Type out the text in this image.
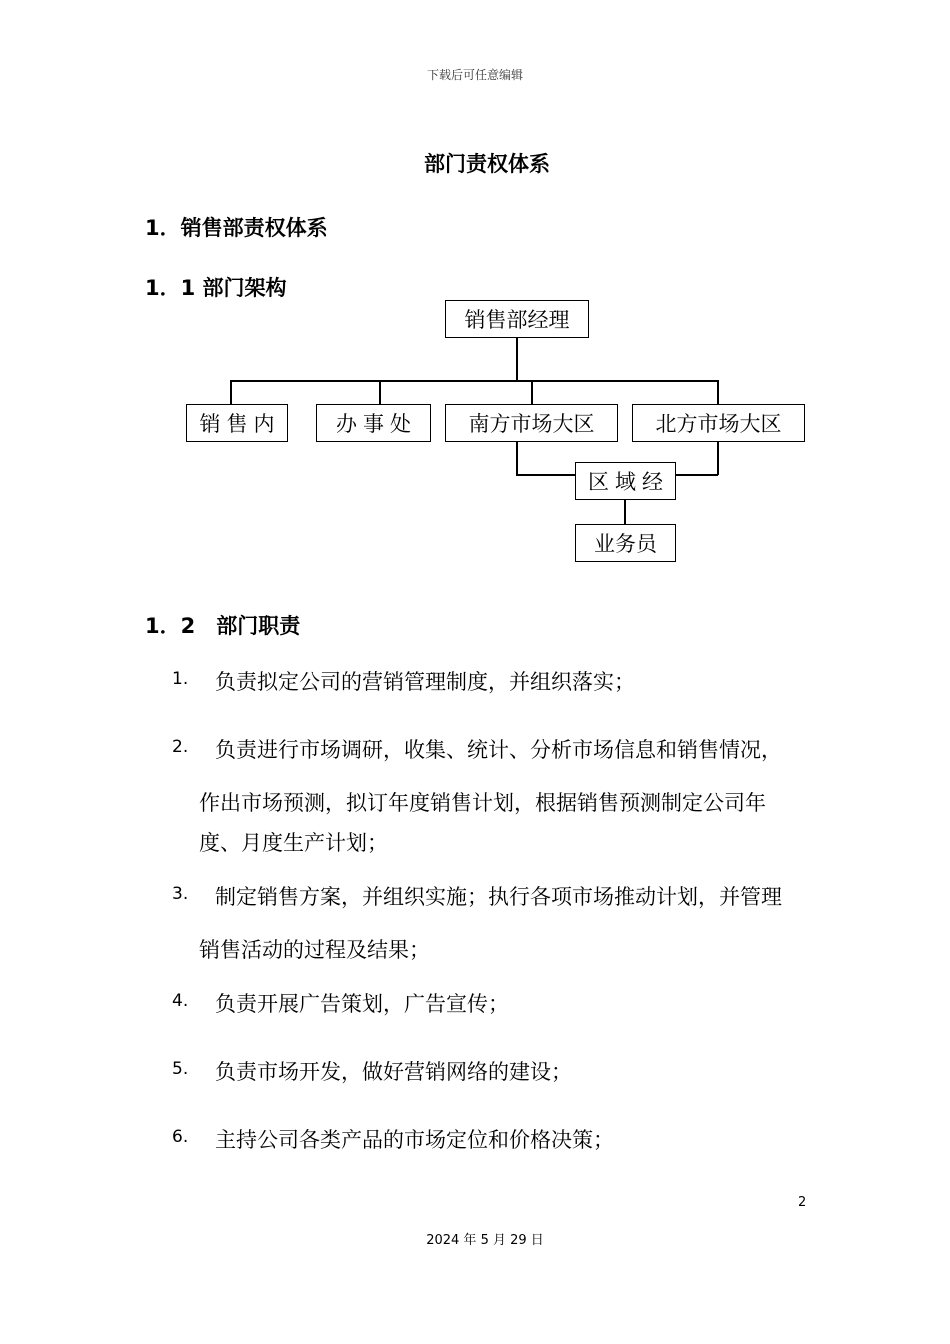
下载后可任意编辑
部门责权体系
1．销售部责权体系
1．1 部门架构
销售部经理
销售内	办事处	南方市场大区	北方市场大区
区域经
业务员
1．2　部门职责
1. 负责拟定公司的营销管理制度，并组织落实；
2. 负责进行市场调研，收集、统计、分析市场信息和销售情况，
作出市场预测，拟订年度销售计划，根据销售预测制定公司年
度、月度生产计划；
3. 制定销售方案，并组织实施；执行各项市场推动计划，并管理
销售活动的过程及结果；
4. 负责开展广告策划，广告宣传；
5. 负责市场开发，做好营销网络的建设；
6. 主持公司各类产品的市场定位和价格决策；
2
2024 年 5 月 29 日
